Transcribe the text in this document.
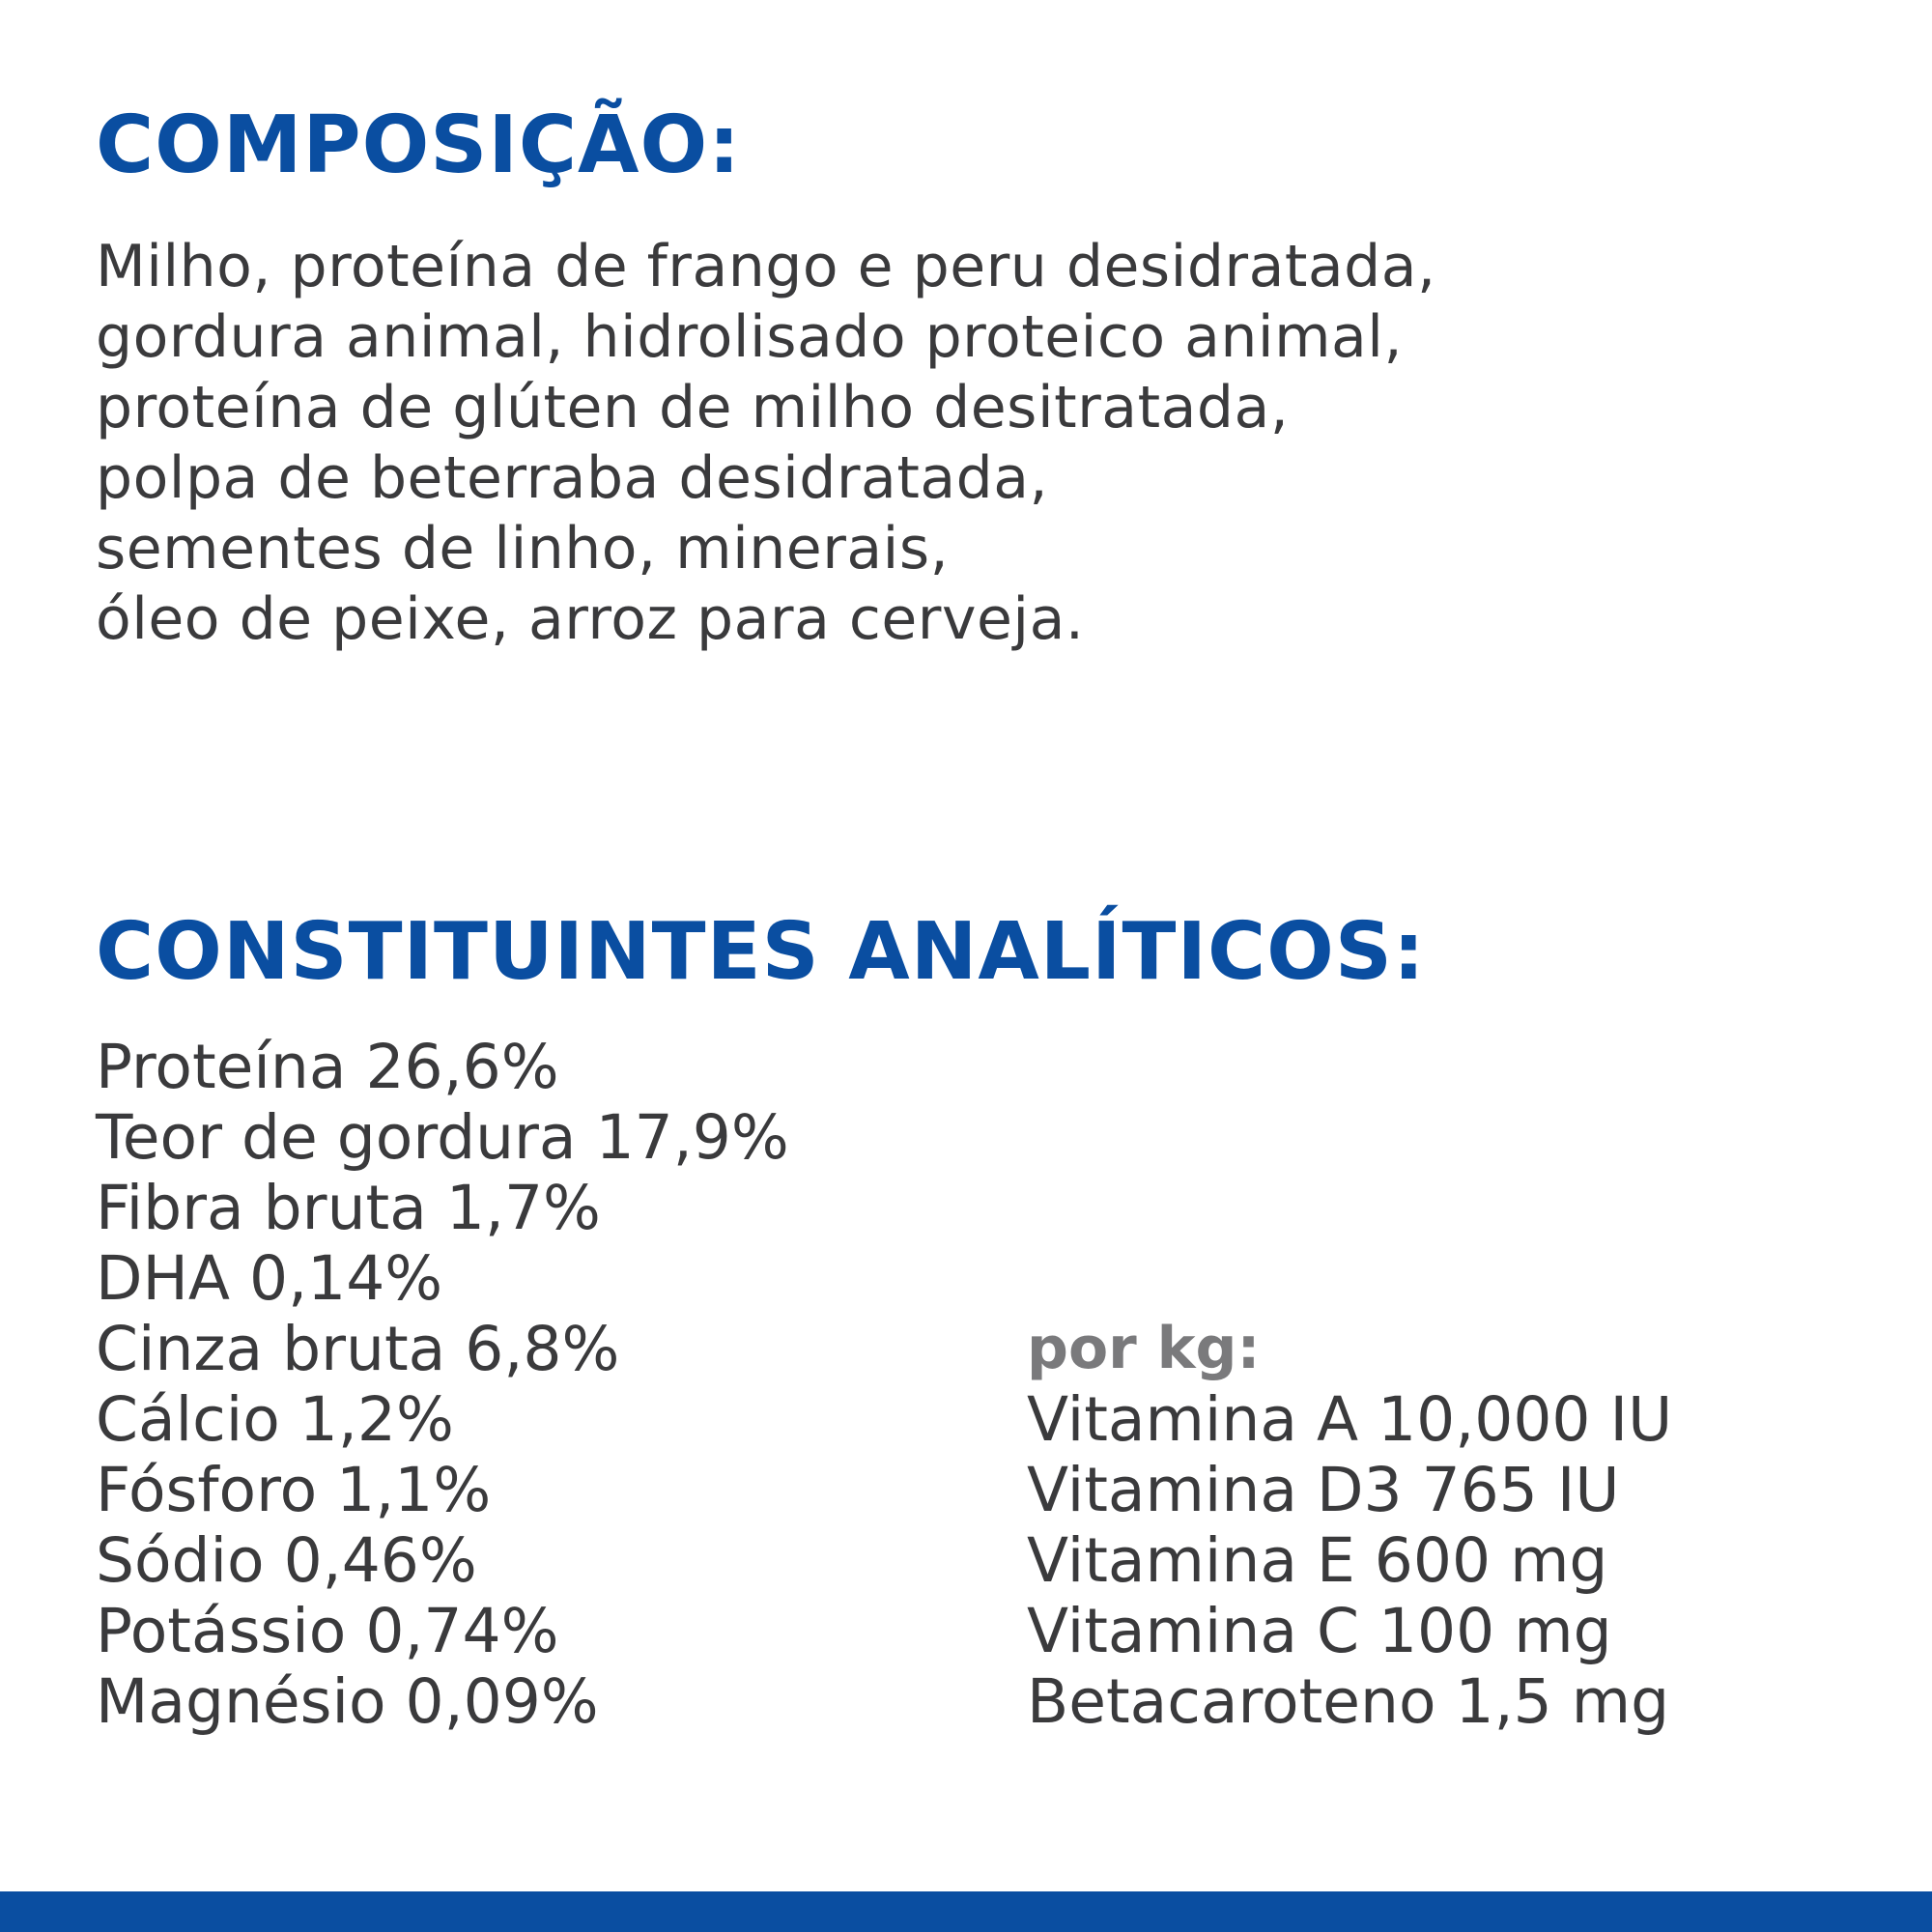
COMPOSIÇÃO:
Milho, proteína de frango e peru desidratada,
gordura animal, hidrolisado proteico animal,
proteína de glúten de milho desitratada,
polpa de beterraba desidratada,
sementes de linho, minerais,
óleo de peixe, arroz para cerveja.
CONSTITUINTES ANALÍTICOS:
Proteína 26,6%
Teor de gordura 17,9%
Fibra bruta 1,7%
DHA 0,14%
Cinza bruta 6,8%
Cálcio 1,2%
Fósforo 1,1%
Sódio 0,46%
Potássio 0,74%
Magnésio 0,09%
por kg:
Vitamina A 10,000 IU
Vitamina D3 765 IU
Vitamina E 600 mg
Vitamina C 100 mg
Betacaroteno 1,5 mg
